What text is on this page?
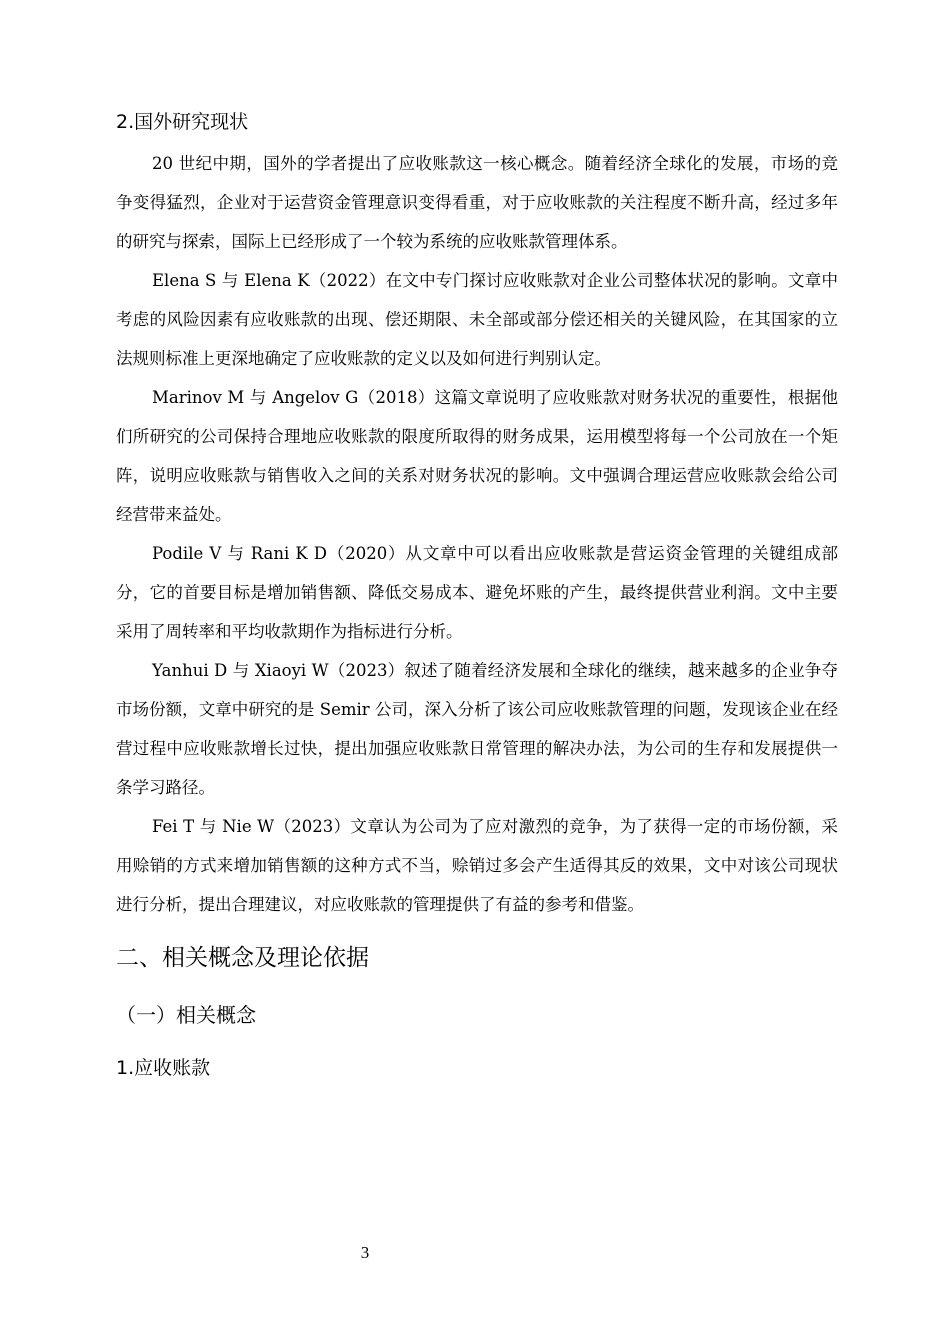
2.国外研究现状

20 世纪中期，国外的学者提出了应收账款这一核心概念。随着经济全球化的发展，市场的竞争变得猛烈，企业对于运营资金管理意识变得看重，对于应收账款的关注程度不断升高，经过多年的研究与探索，国际上已经形成了一个较为系统的应收账款管理体系。

Elena S 与 Elena K（2022）在文中专门探讨应收账款对企业公司整体状况的影响。文章中考虑的风险因素有应收账款的出现、偿还期限、未全部或部分偿还相关的关键风险，在其国家的立法规则标准上更深地确定了应收账款的定义以及如何进行判别认定。

Marinov M 与 Angelov G（2018）这篇文章说明了应收账款对财务状况的重要性，根据他们所研究的公司保持合理地应收账款的限度所取得的财务成果，运用模型将每一个公司放在一个矩阵，说明应收账款与销售收入之间的关系对财务状况的影响。文中强调合理运营应收账款会给公司经营带来益处。

Podile V 与 Rani K D（2020）从文章中可以看出应收账款是营运资金管理的关键组成部分，它的首要目标是增加销售额、降低交易成本、避免坏账的产生，最终提供营业利润。文中主要采用了周转率和平均收款期作为指标进行分析。

Yanhui D 与 Xiaoyi W（2023）叙述了随着经济发展和全球化的继续，越来越多的企业争夺市场份额，文章中研究的是 Semir 公司，深入分析了该公司应收账款管理的问题，发现该企业在经营过程中应收账款增长过快，提出加强应收账款日常管理的解决办法，为公司的生存和发展提供一条学习路径。

Fei T 与 Nie W（2023）文章认为公司为了应对激烈的竞争，为了获得一定的市场份额，采用赊销的方式来增加销售额的这种方式不当，赊销过多会产生适得其反的效果，文中对该公司现状进行分析，提出合理建议，对应收账款的管理提供了有益的参考和借鉴。

二、相关概念及理论依据
（一）相关概念
1.应收账款
3
